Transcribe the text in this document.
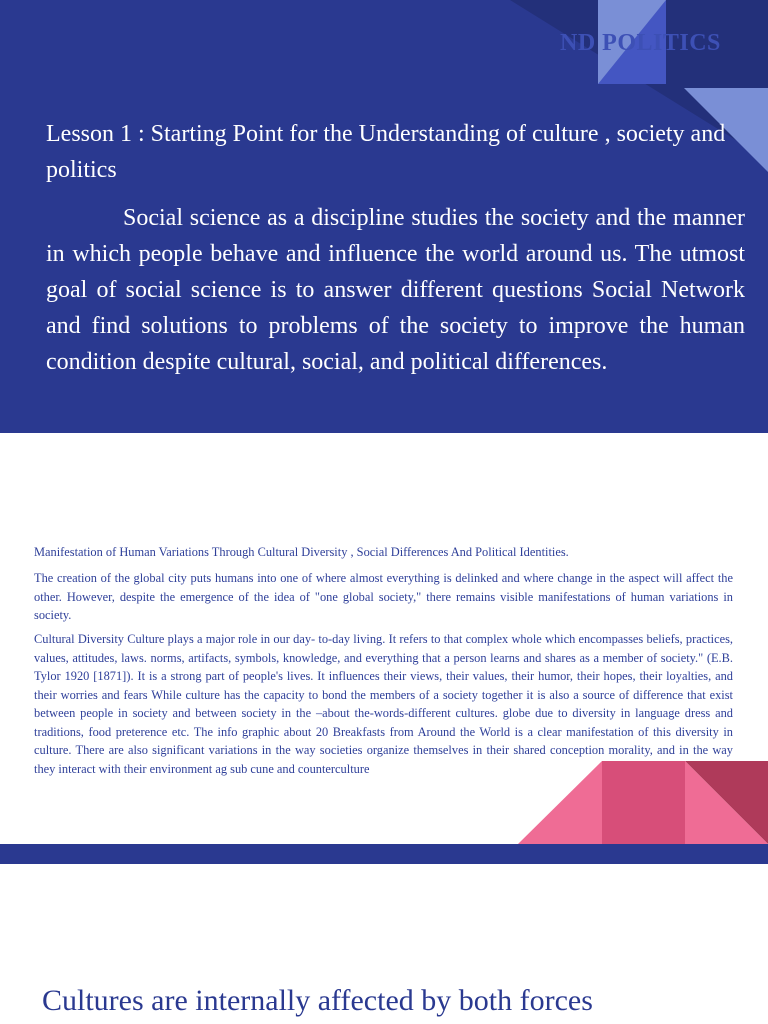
ND POLITICS
Lesson 1 : Starting Point for the Understanding of culture , society and politics
Social science as a discipline studies the society and the manner in which people behave and influence the world around us. The utmost goal of social science is to answer different questions Social Network and find solutions to problems of the society to improve the human condition despite cultural, social, and political differences.
Manifestation of Human Variations Through Cultural Diversity , Social Differences And Political Identities.

The creation of the global city puts humans into one of where almost everything is delinked and where change in the aspect will affect the other. However, despite the emergence of the idea of "one global society," there remains visible manifestations of human variations in society.

Cultural Diversity Culture plays a major role in our day- to-day living. It refers to that complex whole which encompasses beliefs, practices, values, attitudes, laws. norms, artifacts, symbols, knowledge, and everything that a person learns and shares as a member of society." (E.B. Tylor 1920 [1871]). It is a strong part of people's lives. It influences their views, their values, their humor, their hopes, their loyalties, and their worries and fears While culture has the capacity to bond the members of a society together it is also a source of difference that exist between people in society and between society in the –about the-words-different cultures. globe due to diversity in language dress and traditions, food preterence etc. The info graphic about 20 Breakfasts from Around the World is a clear manifestation of this diversity in culture. There are also significant variations in the way societies organize themselves in their shared conception morality, and in the way they interact with their environment ag sub cune and counterculture

Cultures are internally affected by both forces
